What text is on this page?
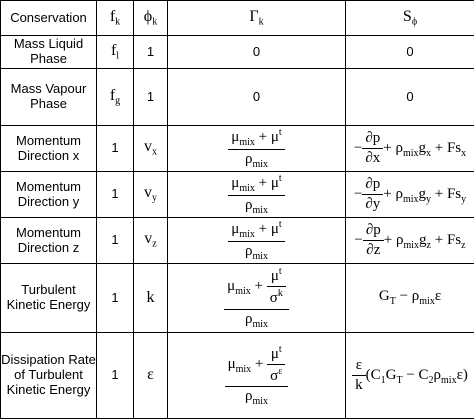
Conservation	$f_k$	$\phi_k$	$\Gamma_k$	$S_\phi$
Mass Liquid Phase	$f_l$	1	0	0
Mass Vapour Phase	$f_g$	1	0	0
Momentum Direction x	1	$v_x$	$\frac{\mu_{mix} + \mu^t}{\rho_{mix}}$	− $\frac{\partial p}{\partial x} + \rho_{mix}g_x + Fs_x$
Momentum Direction y	1	$v_y$	$\frac{\mu_{mix} + \mu^t}{\rho_{mix}}$	− $\frac{\partial p}{\partial y} + \rho_{mix}g_y + Fs_y$
Momentum Direction z	1	$v_z$	$\frac{\mu_{mix} + \mu^t}{\rho_{mix}}$	− $\frac{\partial p}{\partial z} + \rho_{mix}g_z + Fs_z$
Turbulent Kinetic Energy	1	k	$\frac{\mu_{mix} + \frac{\mu^t}{\sigma^k}}{\rho_{mix}}$	$G_T - \rho_{mix}\varepsilon$
Dissipation Rate of Turbulent Kinetic Energy	1	ε	$\frac{\mu_{mix} + \frac{\mu^t}{\sigma^\varepsilon}}{\rho_{mix}}$	$\frac{\varepsilon}{k} (C_1G_T - C_2\rho_{mix}\varepsilon)$
